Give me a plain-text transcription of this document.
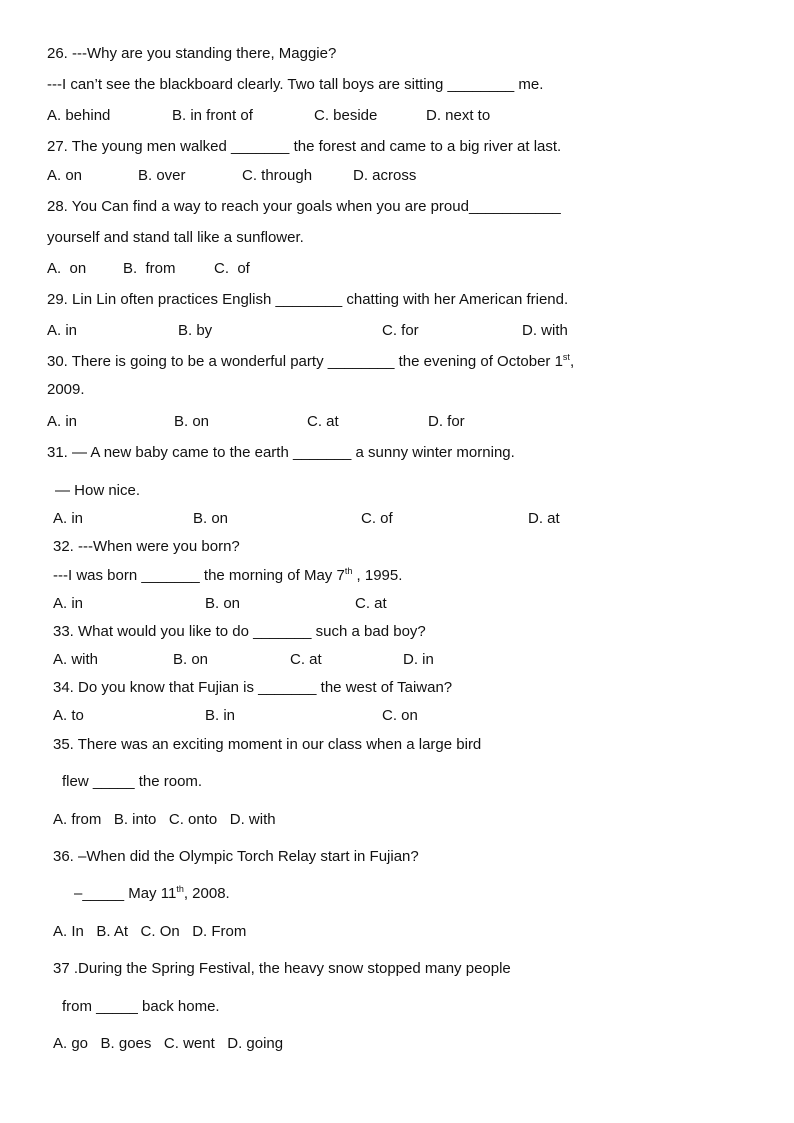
26. ---Why are you standing there, Maggie?
---I can’t see the blackboard clearly. Two tall boys are sitting ________ me.
A. behind	B. in front of	C. beside	D. next to
27. The young men walked _______ the forest and came to a big river at last.
A. on	B. over	C. through	D. across
28. You Can find a way to reach your goals when you are proud___________
yourself and stand tall like a sunflower.
A.  on B.  from	C.  of
29. Lin Lin often practices English ________ chatting with her American friend.
A. in	B. by	C. for	D. with
30. There is going to be a wonderful party ________ the evening of October 1st,
2009.
A. in	B. on	C. at	D. for
31. — A new baby came to the earth _______ a sunny winter morning.
— How nice.
A. in	B. on	C. of	D. at
32. ---When were you born?
---I was born _______ the morning of May 7th , 1995.
A. in	B. on	C. at
33. What would you like to do _______ such a bad boy?
A. with	B. on	C. at	D. in
34. Do you know that Fujian is _______ the west of Taiwan?
A. to	B. in	C. on
35. There was an exciting moment in our class when a large bird
flew _____ the room.
A. from   B. into   C. onto   D. with
36. –When did the Olympic Torch Relay start in Fujian?
–_____ May 11th, 2008.
A. In   B. At   C. On   D. From
37 .During the Spring Festival, the heavy snow stopped many people
from _____ back home.
A. go   B. goes   C. went   D. going
